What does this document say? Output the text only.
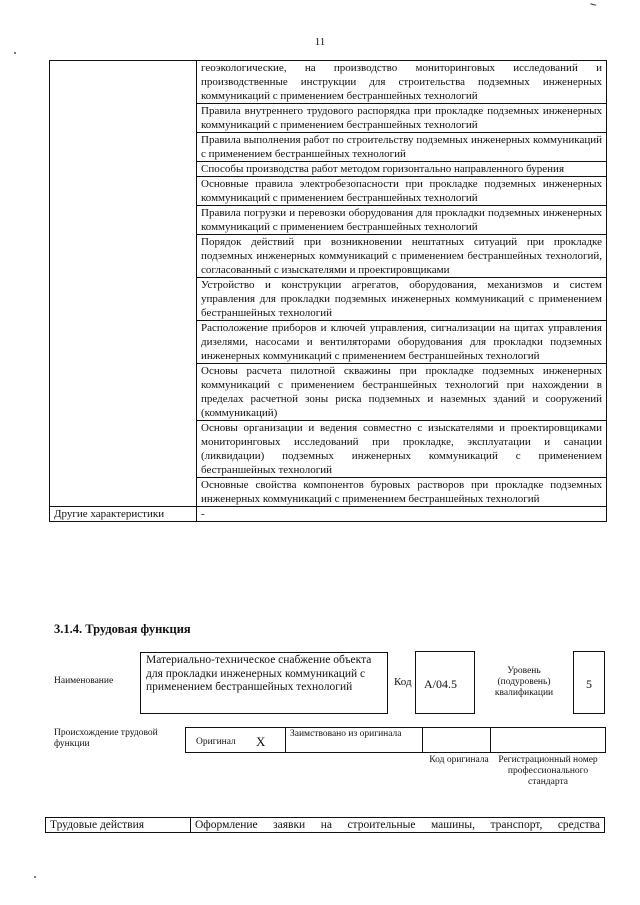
11
	геоэкологические, на производство мониторинговых исследований и производственные инструкции для строительства подземных инженерных коммуникаций с применением бестраншейных технологий
	Правила внутреннего трудового распорядка при прокладке подземных инженерных коммуникаций с применением бестраншейных технологий
	Правила выполнения работ по строительству подземных инженерных коммуникаций с применением бестраншейных технологий
	Способы производства работ методом горизонтально направленного бурения
	Основные правила электробезопасности при прокладке подземных инженерных коммуникаций с применением бестраншейных технологий
	Правила погрузки и перевозки оборудования для прокладки подземных инженерных коммуникаций с применением бестраншейных технологий
	Порядок действий при возникновении нештатных ситуаций при прокладке подземных инженерных коммуникаций с применением бестраншейных технологий, согласованный с изыскателями и проектировщиками
	Устройство и конструкции агрегатов, оборудования, механизмов и систем управления для прокладки подземных инженерных коммуникаций с применением бестраншейных технологий
	Расположение приборов и ключей управления, сигнализации на щитах управления дизелями, насосами и вентиляторами оборудования для прокладки подземных инженерных коммуникаций с применением бестраншейных технологий
	Основы расчета пилотной скважины при прокладке подземных инженерных коммуникаций с применением бестраншейных технологий при нахождении в пределах расчетной зоны риска подземных и наземных зданий и сооружений (коммуникаций)
	Основы организации и ведения совместно с изыскателями и проектировщиками мониторинговых исследований при прокладке, эксплуатации и санации (ликвидации) подземных инженерных коммуникаций с применением бестраншейных технологий
	Основные свойства компонентов буровых растворов при прокладке подземных инженерных коммуникаций с применением бестраншейных технологий
Другие характеристики	-
3.1.4. Трудовая функция
Наименование
Материально-техническое снабжение объекта для прокладки инженерных коммуникаций с применением бестраншейных технологий	Код	A/04.5
Уровень (подуровень) квалификации
5
Происхождение трудовой функции	Оригинал X	Заимствовано из оригинала
Код оригинала	Регистрационный номер профессионального стандарта
Трудовые действия	Оформление заявки на строительные машины, транспорт, средства
